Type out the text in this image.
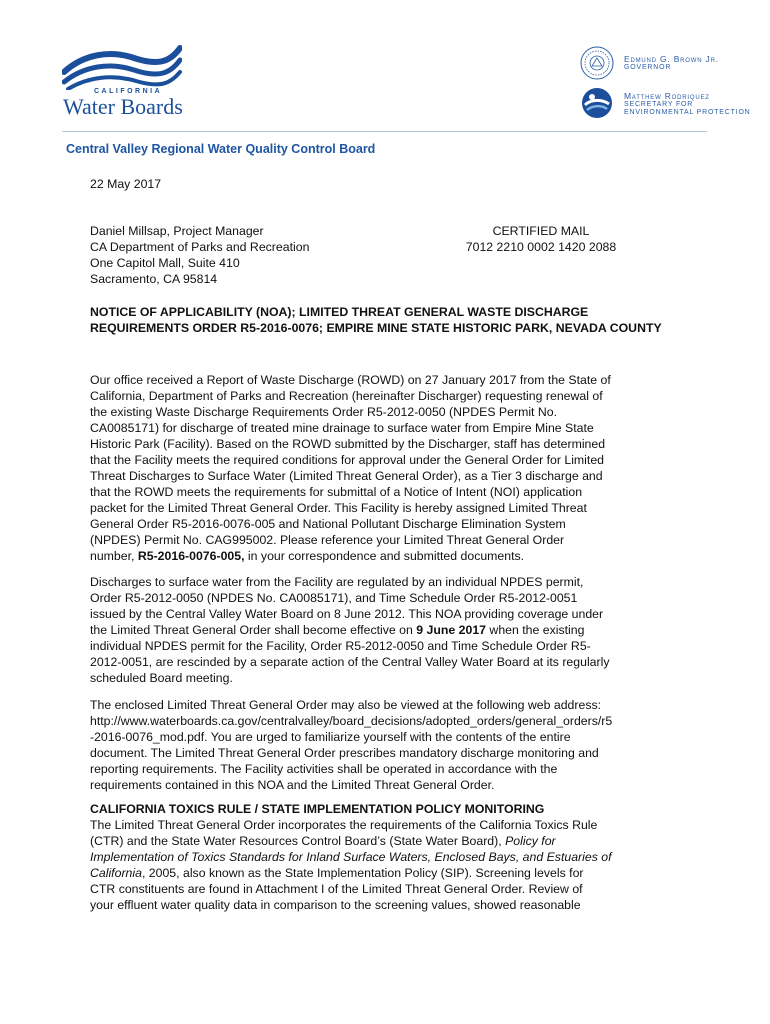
CALIFORNIA
Water Boards
Edmund G. Brown Jr.
GOVERNOR
Matthew Rodriquez
SECRETARY FOR
ENVIRONMENTAL PROTECTION
Central Valley Regional Water Quality Control Board
22 May 2017
Daniel Millsap, Project Manager
CA Department of Parks and Recreation
One Capitol Mall, Suite 410
Sacramento, CA 95814
CERTIFIED MAIL
7012 2210 0002 1420 2088
NOTICE OF APPLICABILITY (NOA); LIMITED THREAT GENERAL WASTE DISCHARGE REQUIREMENTS ORDER R5-2016-0076; EMPIRE MINE STATE HISTORIC PARK, NEVADA COUNTY
Our office received a Report of Waste Discharge (ROWD) on 27 January 2017 from the State of
California, Department of Parks and Recreation (hereinafter Discharger) requesting renewal of
the existing Waste Discharge Requirements Order R5-2012-0050 (NPDES Permit No.
CA0085171) for discharge of treated mine drainage to surface water from Empire Mine State
Historic Park (Facility). Based on the ROWD submitted by the Discharger, staff has determined
that the Facility meets the required conditions for approval under the General Order for Limited
Threat Discharges to Surface Water (Limited Threat General Order), as a Tier 3 discharge and
that the ROWD meets the requirements for submittal of a Notice of Intent (NOI) application
packet for the Limited Threat General Order. This Facility is hereby assigned Limited Threat
General Order R5-2016-0076-005 and National Pollutant Discharge Elimination System
(NPDES) Permit No. CAG995002. Please reference your Limited Threat General Order
number, R5-2016-0076-005, in your correspondence and submitted documents.
Discharges to surface water from the Facility are regulated by an individual NPDES permit,
Order R5-2012-0050 (NPDES No. CA0085171), and Time Schedule Order R5-2012-0051
issued by the Central Valley Water Board on 8 June 2012. This NOA providing coverage under
the Limited Threat General Order shall become effective on 9 June 2017 when the existing
individual NPDES permit for the Facility, Order R5-2012-0050 and Time Schedule Order R5-
2012-0051, are rescinded by a separate action of the Central Valley Water Board at its regularly
scheduled Board meeting.
The enclosed Limited Threat General Order may also be viewed at the following web address:
http://www.waterboards.ca.gov/centralvalley/board_decisions/adopted_orders/general_orders/r5
-2016-0076_mod.pdf. You are urged to familiarize yourself with the contents of the entire
document. The Limited Threat General Order prescribes mandatory discharge monitoring and
reporting requirements. The Facility activities shall be operated in accordance with the
requirements contained in this NOA and the Limited Threat General Order.
CALIFORNIA TOXICS RULE / STATE IMPLEMENTATION POLICY MONITORING
The Limited Threat General Order incorporates the requirements of the California Toxics Rule
(CTR) and the State Water Resources Control Board’s (State Water Board), Policy for
Implementation of Toxics Standards for Inland Surface Waters, Enclosed Bays, and Estuaries of
California, 2005, also known as the State Implementation Policy (SIP). Screening levels for
CTR constituents are found in Attachment I of the Limited Threat General Order. Review of
your effluent water quality data in comparison to the screening values, showed reasonable
